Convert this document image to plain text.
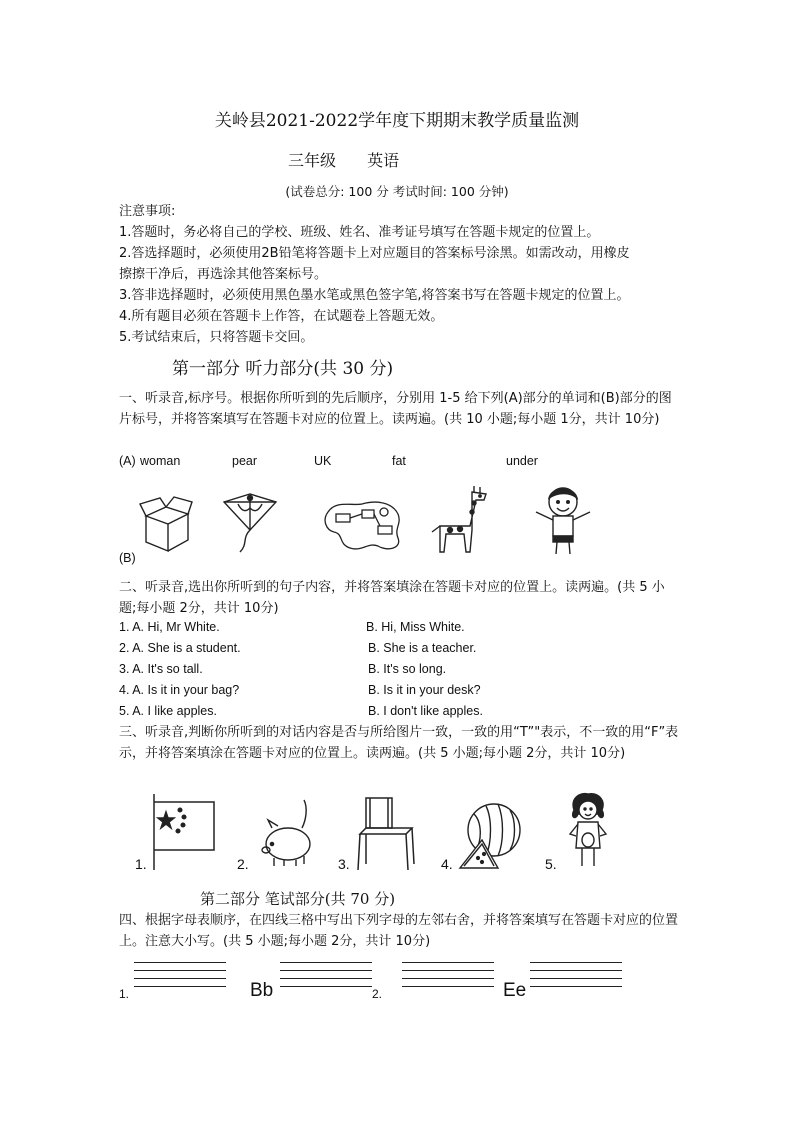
关岭县2021-2022学年度下期期末教学质量监测
三年级 英语
(试卷总分: 100 分 考试时间: 100 分钟)
注意事项:
1.答题时，务必将自己的学校、班级、姓名、准考证号填写在答题卡规定的位置上。
2.答选择题时，必须使用2B铅笔将答题卡上对应题目的答案标号涂黑。如需改动，用橡皮
擦擦干净后，再选涂其他答案标号。
3.答非选择题时，必须使用黑色墨水笔或黑色签字笔,将答案书写在答题卡规定的位置上。
4.所有题目必须在答题卡上作答，在试题卷上答题无效。
5.考试结束后，只将答题卡交回。
第一部分 听力部分(共 30 分)
一、听录音,标序号。根据你所听到的先后顺序，分别用 1-5 给下列(A)部分的单词和(B)部分的图片标号，并将答案填写在答题卡对应的位置上。读两遍。(共 10 小题;每小题 1分，共计 10分)
(A) woman	pear	UK	fat	under
(B)
二、听录音,选出你所听到的句子内容，并将答案填涂在答题卡对应的位置上。读两遍。(共 5 小题;每小题 2分，共计 10分)
1. A. Hi, Mr White.	B. Hi, Miss White.
2. A. She is a student.	B. She is a teacher.
3. A. It's so tall.	B. It's so long.
4. A. Is it in your bag?	B. Is it in your desk?
5. A. I like apples.	B. I don't like apples.
三、听录音,判断你所听到的对话内容是否与所给图片一致，一致的用“T”"表示，不一致的用“F”表示，并将答案填涂在答题卡对应的位置上。读两遍。(共 5 小题;每小题 2分，共计 10分)
1.	2.	3.	4.	5.
第二部分 笔试部分(共 70 分)
四、根据字母表顺序，在四线三格中写出下列字母的左邻右舍，并将答案填写在答题卡对应的位置上。注意大小写。(共 5 小题;每小题 2分，共计 10分)
1.	Bb	2.	Ee
